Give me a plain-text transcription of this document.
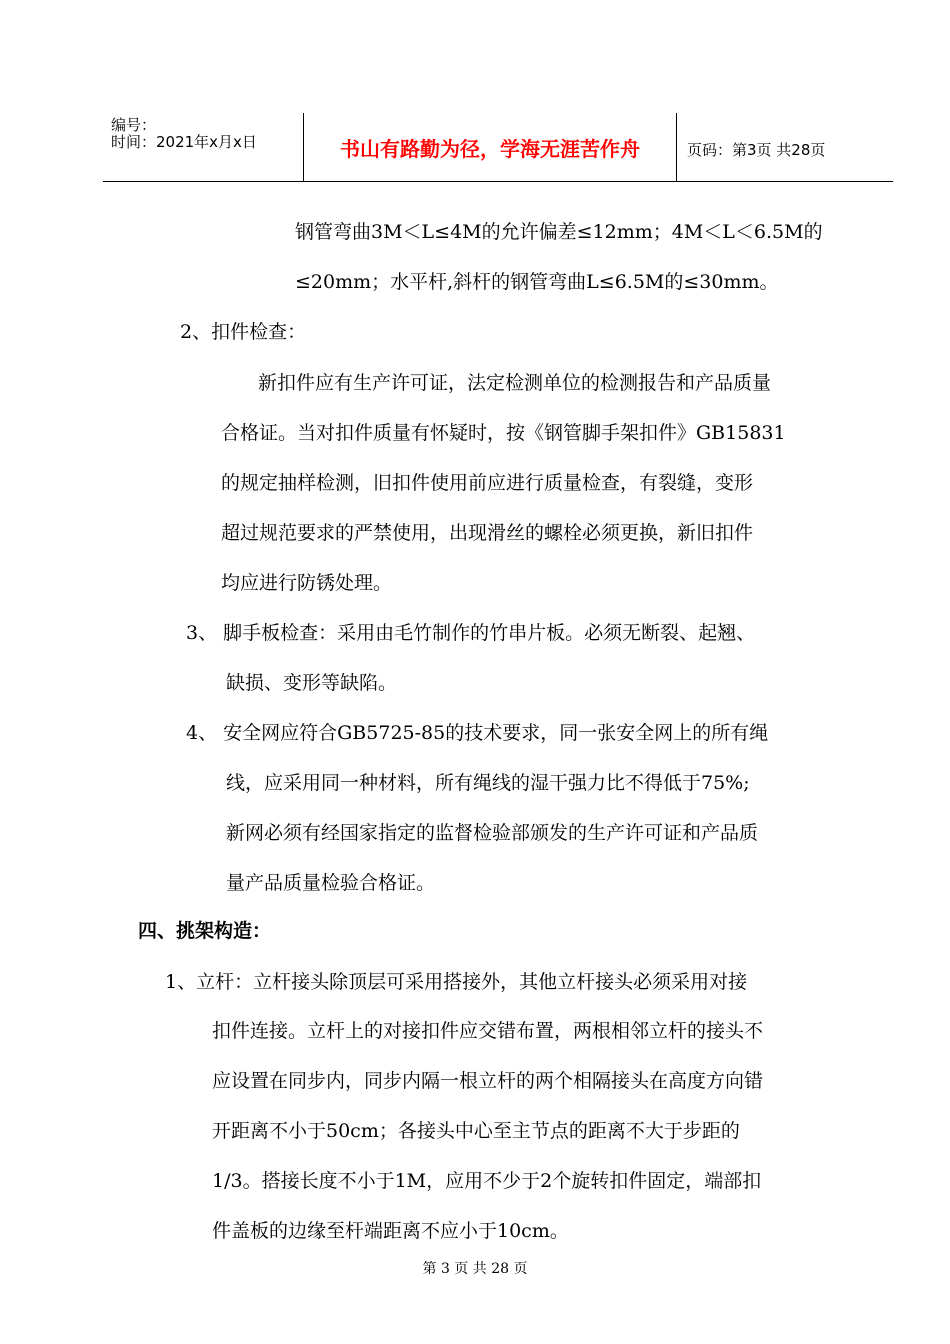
编号：
时间：2021年x月x日	书山有路勤为径，学海无涯苦作舟	页码：第3页 共28页
钢管弯曲3M＜L≤4M的允许偏差≤12mm；4M＜L＜6.5M的
≤20mm；水平杆,斜杆的钢管弯曲L≤6.5M的≤30mm。
2、扣件检查：
新扣件应有生产许可证，法定检测单位的检测报告和产品质量
合格证。当对扣件质量有怀疑时，按《钢管脚手架扣件》GB15831
的规定抽样检测，旧扣件使用前应进行质量检查，有裂缝，变形
超过规范要求的严禁使用，出现滑丝的螺栓必须更换，新旧扣件
均应进行防锈处理。
3、 脚手板检查：采用由毛竹制作的竹串片板。必须无断裂、起翘、
缺损、变形等缺陷。
4、 安全网应符合GB5725-85的技术要求，同一张安全网上的所有绳
线，应采用同一种材料，所有绳线的湿干强力比不得低于75%;
新网必须有经国家指定的监督检验部颁发的生产许可证和产品质
量产品质量检验合格证。
四、挑架构造：
1、立杆：立杆接头除顶层可采用搭接外，其他立杆接头必须采用对接
扣件连接。立杆上的对接扣件应交错布置，两根相邻立杆的接头不
应设置在同步内，同步内隔一根立杆的两个相隔接头在高度方向错
开距离不小于50cm；各接头中心至主节点的距离不大于步距的
1/3。搭接长度不小于1M，应用不少于2个旋转扣件固定，端部扣
件盖板的边缘至杆端距离不应小于10cm。
第 3 页 共 28 页
